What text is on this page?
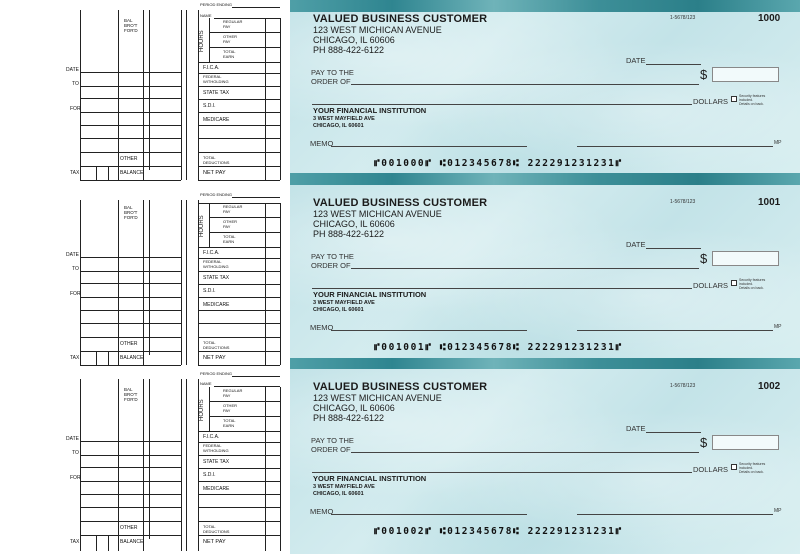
PERIOD ENDING
NAME
BAL
BRO'T
FOR'D	HOURS
REGULAR
PAY
OTHER
PAY
TOTAL
EARN
F.I.C.A.
FEDERAL
WITHOLDING
STATE TAX
S.D.I.
MEDICARE
TOTAL
DEDUCTIONS
NET PAY
DATE
TO
FOR
OTHER
TAX	BALANCE
VALUED BUSINESS CUSTOMER
123 WEST MICHICAN AVENUE
CHICAGO, IL 60606
PH 888-422-6122
1-5678/123	1000
DATE
PAY TO THE
ORDER OF	$
DOLLARS
Security features
included.
Details on back.
YOUR FINANCIAL INSTITUTION
3 WEST MAYFIELD AVE
CHICAGO, IL 60601
MEMO	MP
⑈001000⑈ ⑆012345678⑆ 222291231231⑈
PERIOD ENDING
BAL
BRO'T
FOR'D	HOURS
REGULAR
PAY
OTHER
PAY
TOTAL
EARN
F.I.C.A.
FEDERAL
WITHOLDING
STATE TAX
S.D.I.
MEDICARE
TOTAL
DEDUCTIONS
NET PAY
DATE
TO
FOR
OTHER
TAX	BALANCE
VALUED BUSINESS CUSTOMER
123 WEST MICHICAN AVENUE
CHICAGO, IL 60606
PH 888-422-6122
1-5678/123	1001
DATE
PAY TO THE
ORDER OF	$
DOLLARS
Security features
included.
Details on back.
YOUR FINANCIAL INSTITUTION
3 WEST MAYFIELD AVE
CHICAGO, IL 60601
MEMO	MP
⑈001001⑈ ⑆012345678⑆ 222291231231⑈
PERIOD ENDING
NAME
BAL
BRO'T
FOR'D	HOURS
REGULAR
PAY
OTHER
PAY
TOTAL
EARN
F.I.C.A.
FEDERAL
WITHOLDING
STATE TAX
S.D.I.
MEDICARE
TOTAL
DEDUCTIONS
NET PAY
DATE
TO
FOR
OTHER
TAX	BALANCE
VALUED BUSINESS CUSTOMER
123 WEST MICHICAN AVENUE
CHICAGO, IL 60606
PH 888-422-6122
1-5678/123	1002
DATE
PAY TO THE
ORDER OF	$
DOLLARS
Security features
included.
Details on back.
YOUR FINANCIAL INSTITUTION
3 WEST MAYFIELD AVE
CHICAGO, IL 60601
MEMO	MP
⑈001002⑈ ⑆012345678⑆ 222291231231⑈
